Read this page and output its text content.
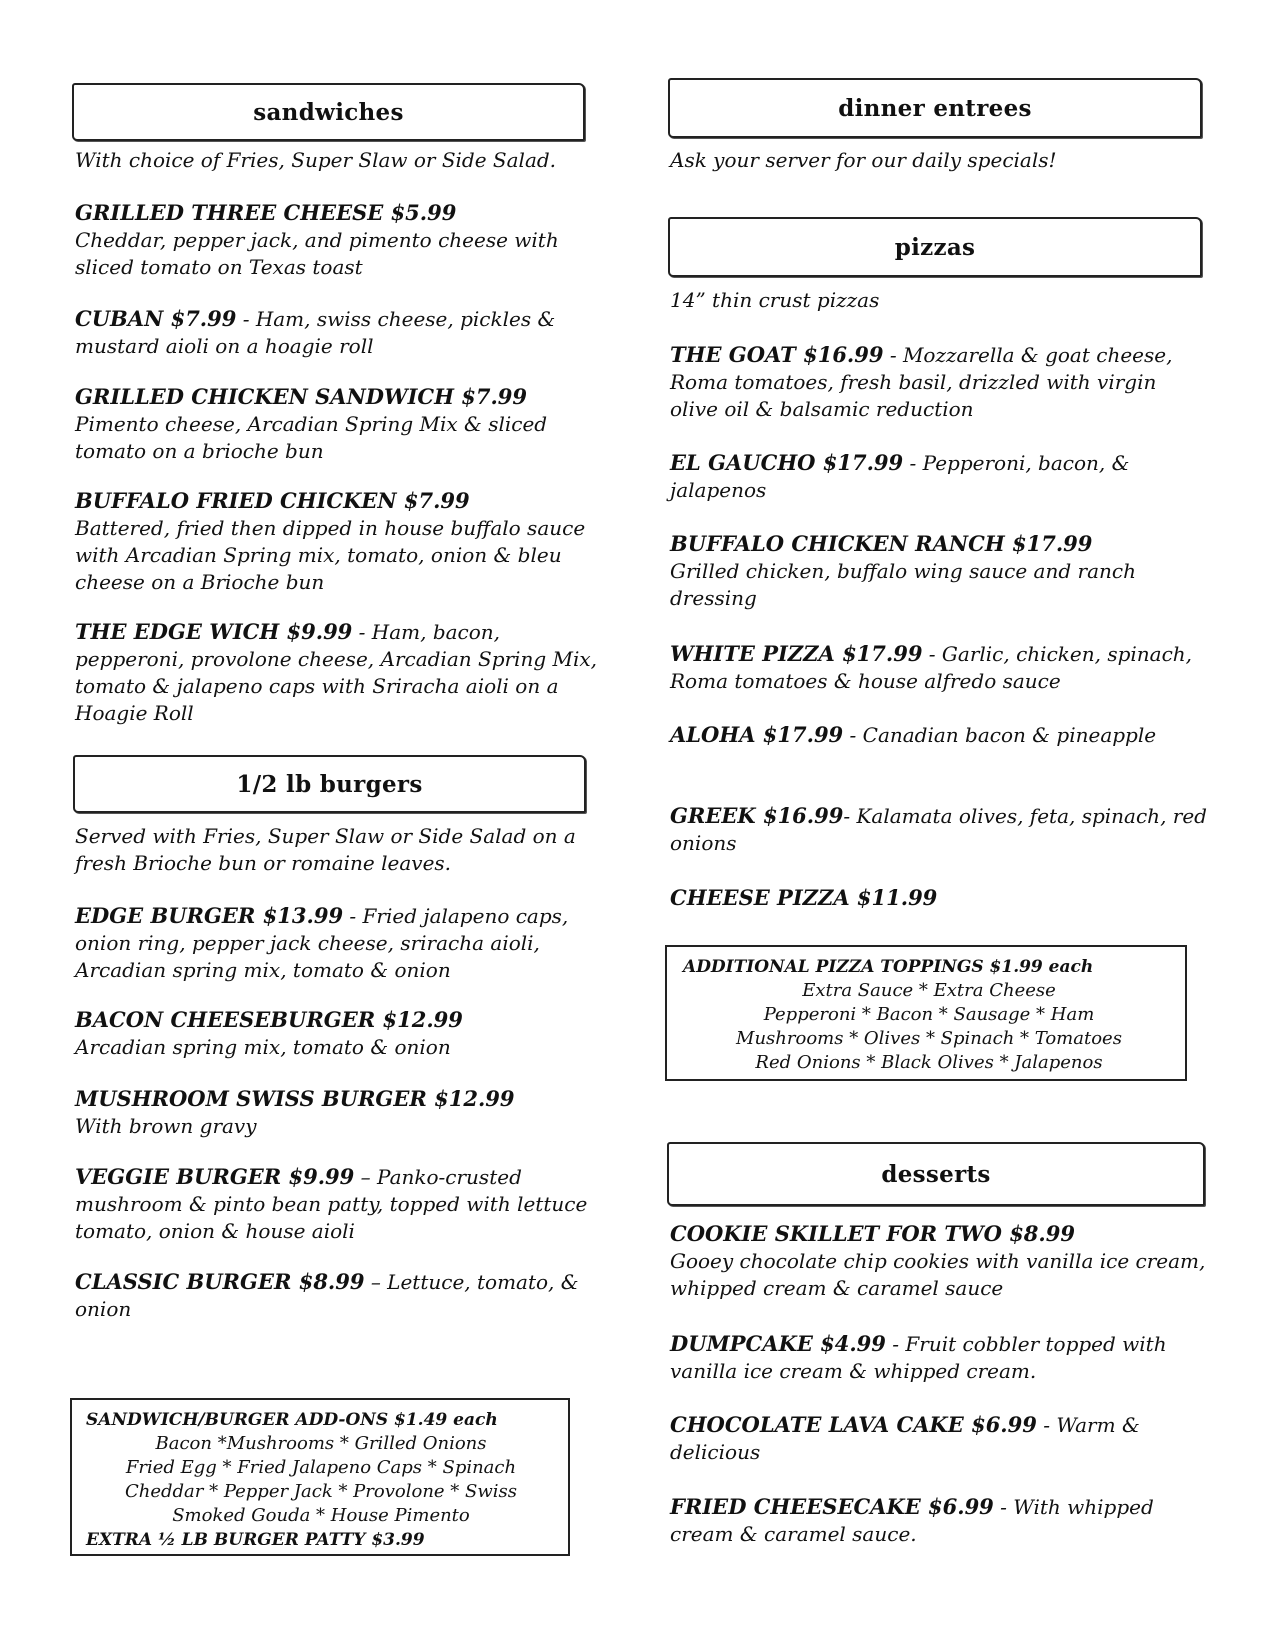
sandwiches
With choice of Fries, Super Slaw or Side Salad.
GRILLED THREE CHEESE $5.99
Cheddar, pepper jack, and pimento cheese with sliced tomato on Texas toast
CUBAN $7.99 - Ham, swiss cheese, pickles & mustard aioli on a hoagie roll
GRILLED CHICKEN SANDWICH $7.99
Pimento cheese, Arcadian Spring Mix & sliced tomato on a brioche bun
BUFFALO FRIED CHICKEN $7.99
Battered, fried then dipped in house buffalo sauce with Arcadian Spring mix, tomato, onion & bleu cheese on a Brioche bun
THE EDGE WICH $9.99 - Ham, bacon, pepperoni, provolone cheese, Arcadian Spring Mix, tomato & jalapeno caps with Sriracha aioli on a Hoagie Roll
1/2 lb burgers
Served with Fries, Super Slaw or Side Salad on a fresh Brioche bun or romaine leaves.
EDGE BURGER $13.99 - Fried jalapeno caps, onion ring, pepper jack cheese, sriracha aioli, Arcadian spring mix, tomato & onion
BACON CHEESEBURGER $12.99
Arcadian spring mix, tomato & onion
MUSHROOM SWISS BURGER $12.99
With brown gravy
VEGGIE BURGER $9.99 – Panko-crusted mushroom & pinto bean patty, topped with lettuce tomato, onion & house aioli
CLASSIC BURGER $8.99 – Lettuce, tomato, & onion
SANDWICH/BURGER ADD-ONS $1.49 each
Bacon *Mushrooms * Grilled Onions
Fried Egg * Fried Jalapeno Caps * Spinach
Cheddar * Pepper Jack * Provolone * Swiss
Smoked Gouda * House Pimento
EXTRA ½ LB BURGER PATTY $3.99
dinner entrees
Ask your server for our daily specials!
pizzas
14” thin crust pizzas
THE GOAT $16.99 - Mozzarella & goat cheese, Roma tomatoes, fresh basil, drizzled with virgin olive oil & balsamic reduction
EL GAUCHO $17.99 - Pepperoni, bacon, & jalapenos
BUFFALO CHICKEN RANCH $17.99
Grilled chicken, buffalo wing sauce and ranch dressing
WHITE PIZZA $17.99 - Garlic, chicken, spinach, Roma tomatoes & house alfredo sauce
ALOHA $17.99 - Canadian bacon & pineapple
GREEK $16.99- Kalamata olives, feta, spinach, red onions
CHEESE PIZZA $11.99
ADDITIONAL PIZZA TOPPINGS $1.99 each
Extra Sauce * Extra Cheese
Pepperoni * Bacon * Sausage * Ham
Mushrooms * Olives * Spinach * Tomatoes
Red Onions * Black Olives * Jalapenos
desserts
COOKIE SKILLET FOR TWO $8.99
Gooey chocolate chip cookies with vanilla ice cream, whipped cream & caramel sauce
DUMPCAKE $4.99 - Fruit cobbler topped with vanilla ice cream & whipped cream.
CHOCOLATE LAVA CAKE $6.99 - Warm & delicious
FRIED CHEESECAKE $6.99 - With whipped cream & caramel sauce.
